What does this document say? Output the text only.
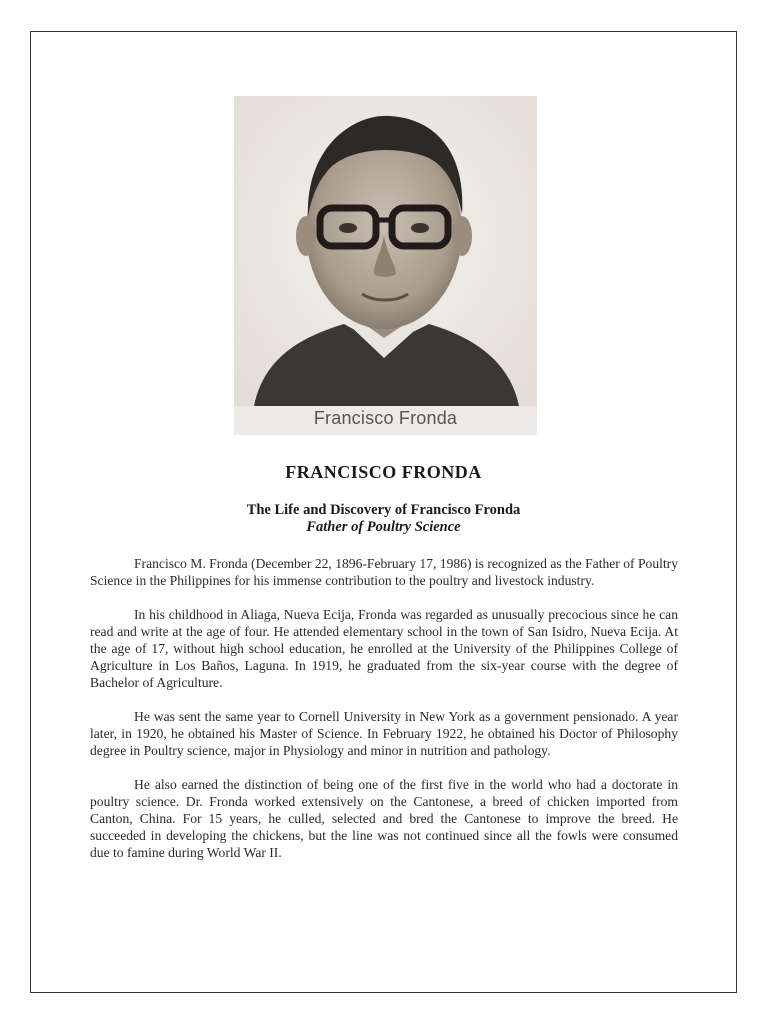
Francisco Fronda
FRANCISCO FRONDA
The Life and Discovery of Francisco Fronda
Father of Poultry Science

Francisco M. Fronda (December 22, 1896-February 17, 1986) is recognized as the Father of Poultry Science in the Philippines for his immense contribution to the poultry and livestock industry.

In his childhood in Aliaga, Nueva Ecija, Fronda was regarded as unusually precocious since he can read and write at the age of four. He attended elementary school in the town of San Isidro, Nueva Ecija. At the age of 17, without high school education, he enrolled at the University of the Philippines College of Agriculture in Los Baños, Laguna. In 1919, he graduated from the six-year course with the degree of Bachelor of Agriculture.

He was sent the same year to Cornell University in New York as a government pensionado. A year later, in 1920, he obtained his Master of Science. In February 1922, he obtained his Doctor of Philosophy degree in Poultry science, major in Physiology and minor in nutrition and pathology.

He also earned the distinction of being one of the first five in the world who had a doctorate in poultry science. Dr. Fronda worked extensively on the Cantonese, a breed of chicken imported from Canton, China. For 15 years, he culled, selected and bred the Cantonese to improve the breed. He succeeded in developing the chickens, but the line was not continued since all the fowls were consumed due to famine during World War II.
